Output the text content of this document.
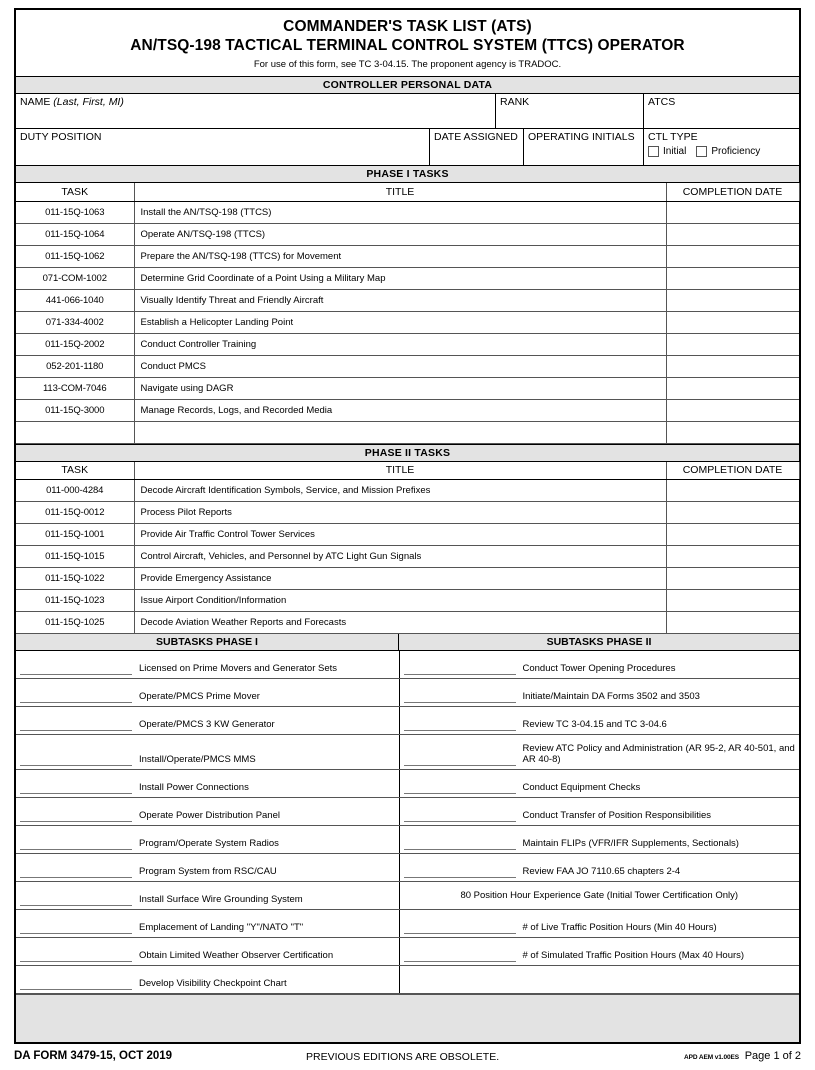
COMMANDER'S TASK LIST (ATS)
AN/TSQ-198 TACTICAL TERMINAL CONTROL SYSTEM (TTCS) OPERATOR
For use of this form, see TC 3-04.15. The proponent agency is TRADOC.
CONTROLLER PERSONAL DATA
NAME (Last, First, MI)	RANK	ATCS
DUTY POSITION	DATE ASSIGNED OPERATING INITIALS	CTL TYPE
Initial	Proficiency
PHASE I TASKS
TASK	TITLE	COMPLETION DATE
011-15Q-1063	Install the AN/TSQ-198 (TTCS)	
011-15Q-1064	Operate AN/TSQ-198 (TTCS)	
011-15Q-1062	Prepare the AN/TSQ-198 (TTCS) for Movement	
071-COM-1002	Determine Grid Coordinate of a Point Using a Military Map	
441-066-1040	Visually Identify Threat and Friendly Aircraft	
071-334-4002	Establish a Helicopter Landing Point	
011-15Q-2002	Conduct Controller Training	
052-201-1180	Conduct PMCS	
113-COM-7046	Navigate using DAGR	
011-15Q-3000	Manage Records, Logs, and Recorded Media	

PHASE II TASKS
TASK	TITLE	COMPLETION DATE
011-000-4284	Decode Aircraft Identification Symbols, Service, and Mission Prefixes	
011-15Q-0012	Process Pilot Reports	
011-15Q-1001	Provide Air Traffic Control Tower Services	
011-15Q-1015	Control Aircraft, Vehicles, and Personnel by ATC Light Gun Signals	
011-15Q-1022	Provide Emergency Assistance	
011-15Q-1023	Issue Airport Condition/Information	
011-15Q-1025	Decode Aviation Weather Reports and Forecasts	
SUBTASKS PHASE I	SUBTASKS PHASE II
Licensed on Prime Movers and Generator Sets	Conduct Tower Opening Procedures

Operate/PMCS Prime Mover	Initiate/Maintain DA Forms 3502 and 3503

Operate/PMCS 3 KW Generator	Review TC 3-04.15 and TC 3-04.6

Install/Operate/PMCS MMS	Review ATC Policy and Administration (AR 95-2, AR 40-501, and AR 40-8)

Install Power Connections	Conduct Equipment Checks

Operate Power Distribution Panel	Conduct Transfer of Position Responsibilities

Program/Operate System Radios	Maintain FLIPs (VFR/IFR Supplements, Sectionals)

Program System from RSC/CAU	Review FAA JO 7110.65 chapters 2-4

Install Surface Wire Grounding System	80 Position Hour Experience Gate (Initial Tower Certification Only)

Emplacement of Landing "Y"/NATO "T"	# of Live Traffic Position Hours (Min 40 Hours)

Obtain Limited Weather Observer Certification	# of Simulated Traffic Position Hours (Max 40 Hours)

Develop Visibility Checkpoint Chart	

DA FORM 3479-15, OCT 2019	PREVIOUS EDITIONS ARE OBSOLETE.	APD AEM v1.00ES Page 1 of 2
